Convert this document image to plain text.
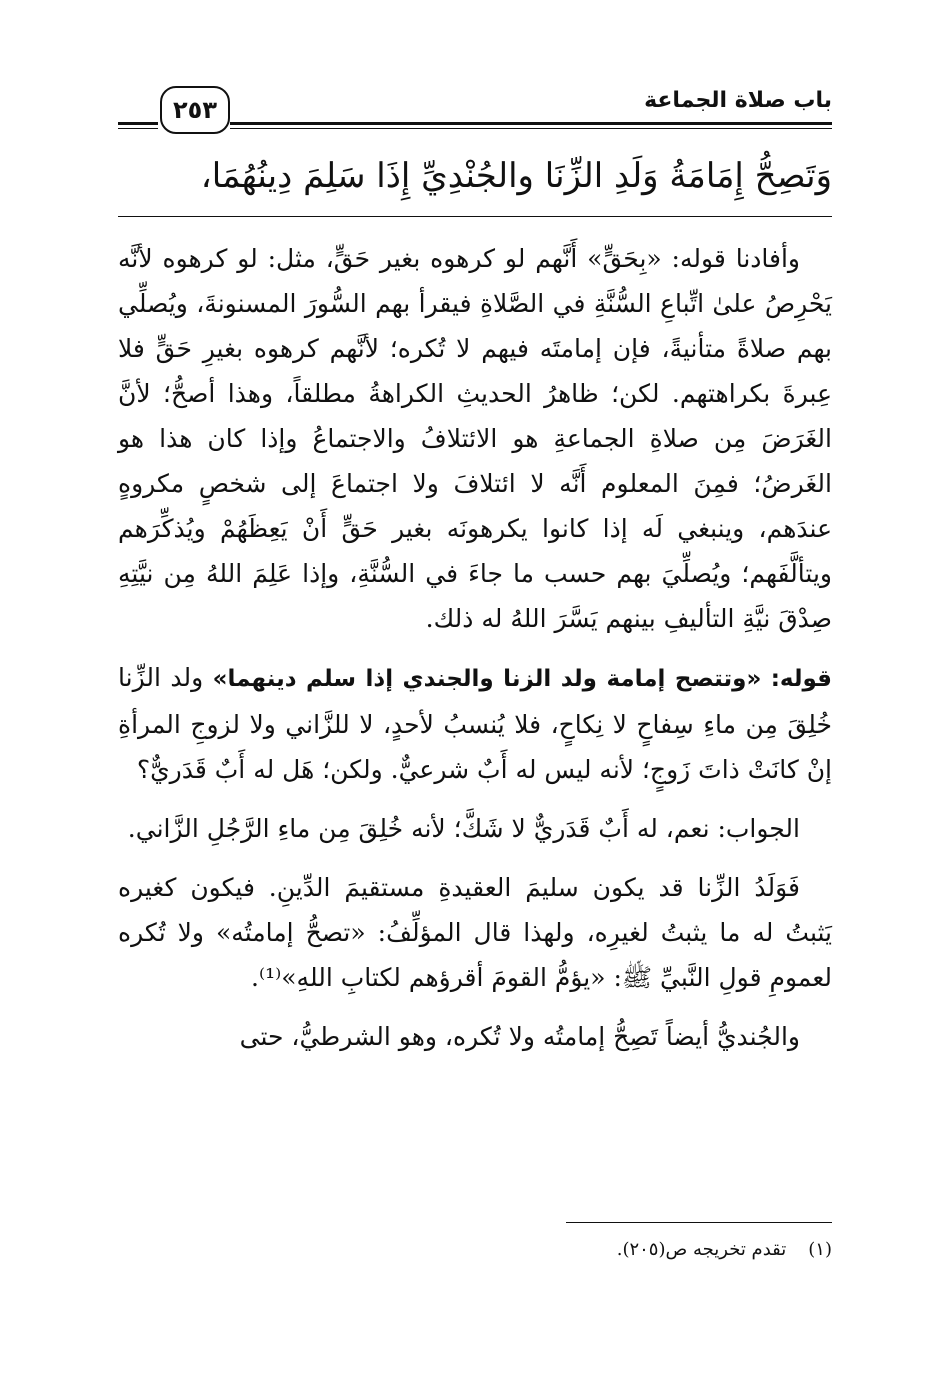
باب صلاة الجماعة
٢٥٣
وَتَصِحُّ إِمَامَةُ وَلَدِ الزِّنَا والجُنْدِيِّ إِذَا سَلِمَ دِينُهُمَا،

وأفادنا قوله: «بِحَقٍّ» أَنَّهم لو كرهوه بغير حَقٍّ، مثل: لو كرهوه لأنَّه يَحْرِصُ علىٰ اتِّباعِ السُّنَّةِ في الصَّلاةِ فيقرأ بهم السُّورَ المسنونةَ، ويُصلِّي بهم صلاةً متأنيةً، فإن إمامتَه فيهم لا تُكره؛ لأنَّهم كرهوه بغيرِ حَقٍّ فلا عِبرةَ بكراهتهم. لكن؛ ظاهرُ الحديثِ الكراهةُ مطلقاً، وهذا أصحُّ؛ لأنَّ الغَرَضَ مِن صلاةِ الجماعةِ هو الائتلافُ والاجتماعُ وإذا كان هذا هو الغَرضُ؛ فمِنَ المعلوم أَنَّه لا ائتلافَ ولا اجتماعَ إلى شخصٍ مكروهٍ عندَهم، وينبغي لَه إذا كانوا يكرهونَه بغير حَقٍّ أَنْ يَعِظَهُمْ ويُذكِّرَهم ويتألَّفَهم؛ ويُصلِّيَ بهم حسب ما جاءَ في السُّنَّةِ، وإذا عَلِمَ اللهُ مِن نيَّتِهِ صِدْقَ نيَّةِ التأليفِ بينهم يَسَّرَ اللهُ له ذلك.

قوله: «وتتصح إمامة ولد الزنا والجندي إذا سلم دينهما» ولد الزِّنا خُلِقَ مِن ماءِ سِفاحٍ لا نِكاحٍ، فلا يُنسبُ لأحدٍ، لا للزَّاني ولا لزوجِ المرأةِ إنْ كانَتْ ذاتَ زَوجٍ؛ لأنه ليس له أَبٌ شرعيٌّ. ولكن؛ هَل له أَبٌ قَدَريٌّ؟

الجواب: نعم، له أَبٌ قَدَريٌّ لا شَكَّ؛ لأنه خُلِقَ مِن ماءِ الرَّجُلِ الزَّاني.

فَوَلَدُ الزِّنا قد يكون سليمَ العقيدةِ مستقيمَ الدِّينِ. فيكون كغيره يَثبتُ له ما يثبتُ لغيرِه، ولهذا قال المؤلِّفُ: «تصحُّ إمامتُه» ولا تُكره لعمومِ قولِ النَّبيِّ ﷺ: «يؤمُّ القومَ أقرؤهم لكتابِ اللهِ»⁽¹⁾.

والجُنديُّ أيضاً تَصِحُّ إمامتُه ولا تُكره، وهو الشرطيُّ، حتى

(١)تقدم تخريجه ص(٢٠٥).
